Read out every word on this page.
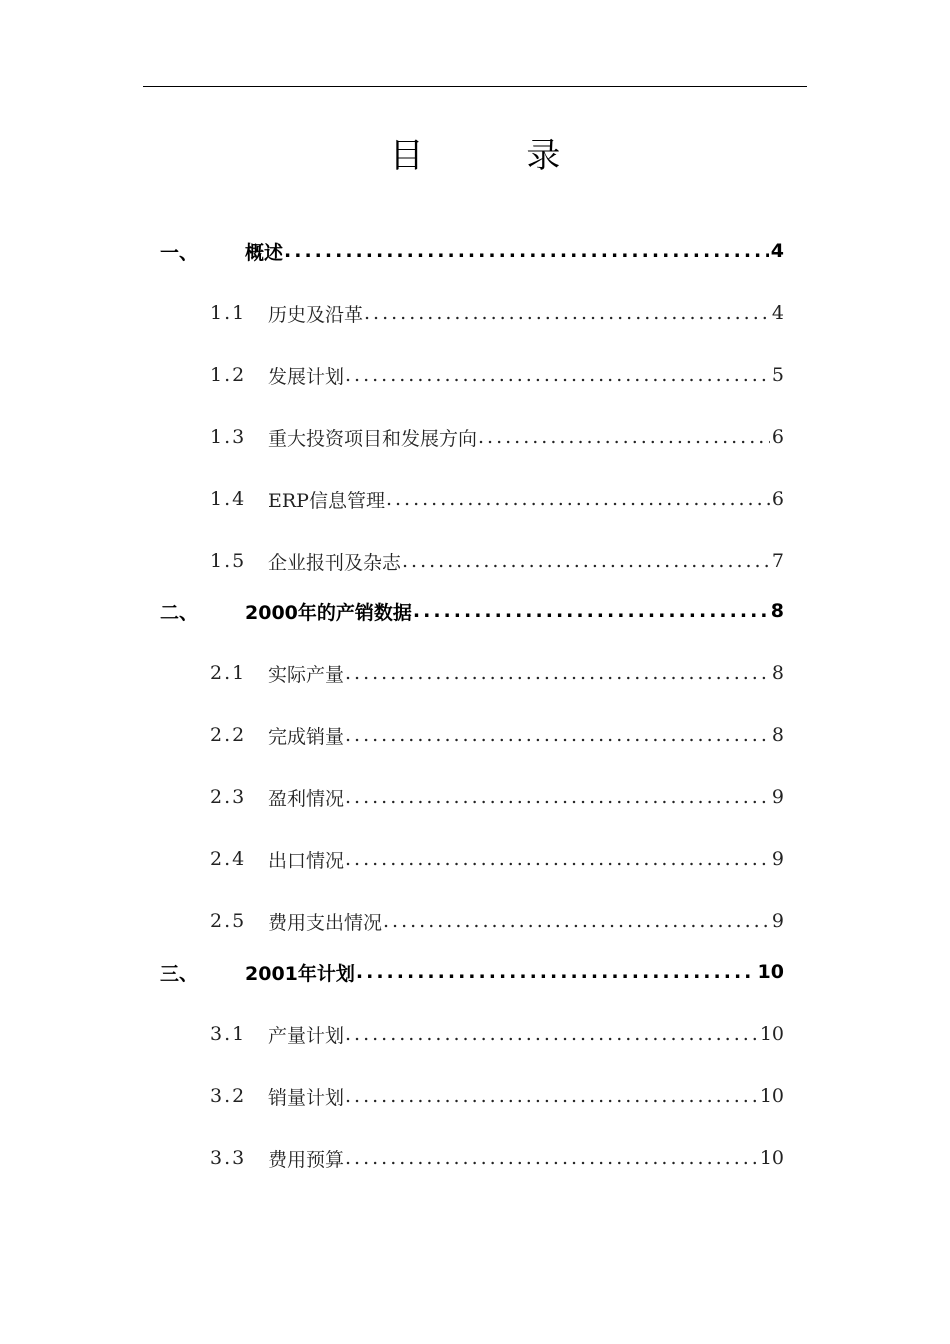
目 录
一、 概述 .....	4
1.1 历史及沿革 .....	4
1.2 发展计划 .....	5
1.3 重大投资项目和发展方向 .....	6
1.4 ERP信息管理 .....	6
1.5 企业报刊及杂志 .....	7
二、 2000年的产销数据 .....	8
2.1 实际产量 .....	8
2.2 完成销量 .....	8
2.3 盈利情况 .....	9
2.4 出口情况 .....	9
2.5 费用支出情况 .....	9
三、 2001年计划 .....	10
3.1 产量计划 .....	10
3.2 销量计划 .....	10
3.3 费用预算 .....	10
